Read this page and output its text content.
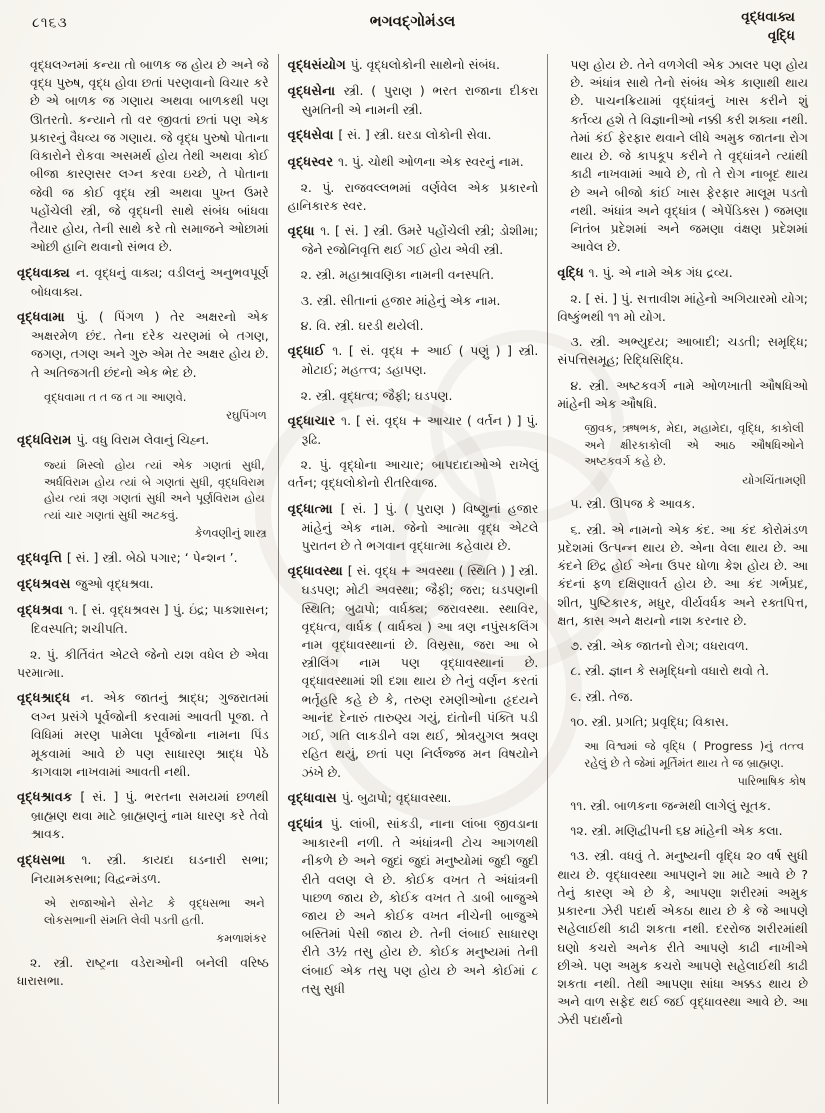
૮૧૬૩	ભગવદ્ગોમંડલ	વૃદ્ધવાક્ય
વૃદ્ધિ

વૃદ્ધલગ્નમાં કન્યા તો બાળક જ હોય છે અને જે વૃદ્ધ પુરુષ, વૃદ્ધ હોવા છતાં પરણવાનો વિચાર કરે છે એ બાળક જ ગણાય અથવા બાળકથી પણ ઊતરતો. કન્યાને તો વર જીવતાં છતાં પણ એક પ્રકારનું વૈધવ્ય જ ગણાય. જે વૃદ્ધ પુરુષો પોતાના વિકારોને રોકવા અસમર્થ હોય તેથી અથવા કોઈ બીજા કારણસર લગ્ન કરવા ઇચ્છે, તે પોતાના જેવી જ કોઈ વૃદ્ધ સ્ત્રી અથવા પુખ્ત ઉમરે પહોંચેલી સ્ત્રી, જે વૃદ્ધની સાથે સંબંધ બાંધવા તૈયાર હોય, તેની સાથે કરે તો સમાજને ઓછામાં ઓછી હાનિ થવાનો સંભવ છે.

વૃદ્ધવાક્ય ન. વૃદ્ધનું વાક્ય; વડીલનું અનુભવપૂર્ણ બોધવાક્ય.

વૃદ્ધવામા પું. ( પિંગળ ) તેર અક્ષરનો એક અક્ષરમેળ છંદ. તેના દરેક ચરણમાં બે તગણ, જગણ, તગણ અને ગુરુ એમ તેર અક્ષર હોય છે. તે અતિજગતી છંદનો એક ભેદ છે.

વૃદ્ધવામા ત ત જ ત ગા આણવે.

રઘુપિંગળ

વૃદ્ધવિરામ પું. વધુ વિરામ લેવાનું ચિહ્ન.

જ્યાં મિસ્લો હોય ત્યાં એક ગણતાં સુધી, અર્ધવિરામ હોય ત્યાં બે ગણતાં સુધી, વૃદ્ધવિરામ હોય ત્યાં ત્રણ ગણતાં સુધી અને પૂર્ણવિરામ હોય ત્યાં ચાર ગણતાં સુધી અટકવું.

કેળવણીનું શાસ્ત્ર

વૃદ્ધવૃત્તિ [ સં. ] સ્ત્રી. બેઠો પગાર; ‘ પેન્શન ’.

વૃદ્ધશ્રવસ જુઓ વૃદ્ધશ્રવા.

વૃદ્ધશ્રવા ૧. [ સં. વૃદ્ધશ્રવસ ] પું. ઇંદ્ર; પાકશાસન; દિવસ્પતિ; શચીપતિ.

૨. પું. કીર્તિવંત એટલે જેનો યશ વધેલ છે એવા પરમાત્મા.

વૃદ્ધશ્રાદ્ધ ન. એક જાતનું શ્રાદ્ધ; ગુજરાતમાં લગ્ન પ્રસંગે પૂર્વજોની કરવામાં આવતી પૂજા. તે વિધિમાં મરણ પામેલા પૂર્વજોના નામના પિંડ મૂકવામાં આવે છે પણ સાધારણ શ્રાદ્ધ પેઠે કાગવાશ નાખવામાં આવતી નથી.

વૃદ્ધશ્રાવક [ સં. ] પું. ભરતના સમયમાં છળથી બ્રાહ્મણ થવા માટે બ્રાહ્મણનું નામ ધારણ કરે તેવો શ્રાવક.

વૃદ્ધસભા ૧. સ્ત્રી. કાયદા ઘડનારી સભા; નિયામકસભા; વિદ્વન્મંડળ.

એ રાજાઓને સેનેટ કે વૃદ્ધસભા અને લોકસભાની સંમતિ લેવી પડતી હતી.

કમળાશંકર

૨. સ્ત્રી. રાષ્ટ્રના વડેરાઓની બનેલી વરિષ્ઠ ધારાસભા.

વૃદ્ધસંયોગ પું. વૃદ્ધલોકોની સાથેનો સંબંધ.

વૃદ્ધસેના સ્ત્રી. ( પુરાણ ) ભરત રાજાના દીકરા સુમતિની એ નામની સ્ત્રી.

વૃદ્ધસેવા [ સં. ] સ્ત્રી. ઘરડા લોકોની સેવા.

વૃદ્ધસ્વર ૧. પું. ચોથી ઓળના એક સ્વરનું નામ.

૨. પું. રાજવલ્લભમાં વર્ણવેલ એક પ્રકારનો હાનિકારક સ્વર.

વૃદ્ધા ૧. [ સં. ] સ્ત્રી. ઉમરે પહોંચેલી સ્ત્રી; ડોશીમા; જેને રજોનિવૃત્તિ થઈ ગઈ હોય એવી સ્ત્રી.

૨. સ્ત્રી. મહાશ્રાવણિકા નામની વનસ્પતિ.

૩. સ્ત્રી. સીતાનાં હજાર માંહેનું એક નામ.

૪. વિ. સ્ત્રી. ઘરડી થયેલી.

વૃદ્ધાઈ ૧. [ સં. વૃદ્ધ + આઈ ( પણું ) ] સ્ત્રી. મોટાઈ; મહત્ત્વ; ડહાપણ.

૨. સ્ત્રી. વૃદ્ધત્વ; જૈફી; ઘડપણ.

વૃદ્ધાચાર ૧. [ સં. વૃદ્ધ + આચાર ( વર્તન ) ] પું. રૂઢિ.

૨. પું. વૃદ્ધોના આચાર; બાપદાદાઓએ રાખેલું વર્તન; વૃદ્ધલોકોનો રીતરિવાજ.

વૃદ્ધાત્મા [ સં. ] પું. ( પુરાણ ) વિષ્ણુનાં હજાર માંહેનું એક નામ. જેનો આત્મા વૃદ્ધ એટલે પુરાતન છે તે ભગવાન વૃદ્ધાત્મા કહેવાય છે.

વૃદ્ધાવસ્થા [ સં. વૃદ્ધ + અવસ્થા ( સ્થિતિ ) ] સ્ત્રી. ઘડપણ; મોટી અવસ્થા; જૈફી; જરા; ઘડપણની સ્થિતિ; બુઢાપો; વાર્ધક્ય; જરાવસ્થા. સ્થાવિર, વૃદ્ધત્વ, વાર્ધક ( વાર્ધક્ય ) આ ત્રણ નપુંસકલિંગ નામ વૃદ્ધાવસ્થાનાં છે. વિસ્રસા, જરા આ બે સ્ત્રીલિંગ નામ પણ વૃદ્ધાવસ્થાનાં છે. વૃદ્ધાવસ્થામાં શી દશા થાય છે તેનું વર્ણન કરતાં ભર્તૃહરિ કહે છે કે, તરુણ રમણીઓના હૃદયને આનંદ દેનારું તારુણ્ય ગયું, દાંતોની પંક્તિ પડી ગઈ, ગતિ લાકડીને વશ થઈ, શ્રોત્રયુગલ શ્રવણ રહિત થયું, છતાં પણ નિર્લજ્જ મન વિષયોને ઝંખે છે.

વૃદ્ધાવાસ પું. બુઢાપો; વૃદ્ધાવસ્થા.

વૃદ્ધાંત્ર પું. લાંબી, સાંકડી, નાના લાંબા જીવડાના આકારની નળી. તે અંધાંત્રની ટોચ આગળથી નીકળે છે અને જુદાં જુદાં મનુષ્યોમાં જુદી જુદી રીતે વલણ લે છે. કોઈક વખત તે અંધાંત્રની પાછળ જાય છે, કોઈક વખત તે ડાબી બાજુએ જાય છે અને કોઈક વખત નીચેની બાજુએ બસ્તિમાં પેસી જાય છે. તેની લંબાઈ સાધારણ રીતે ૩½ તસુ હોય છે. કોઈક મનુષ્યમાં તેની લંબાઈ એક તસુ પણ હોય છે અને કોઈમાં ૮ તસુ સુધી

પણ હોય છે. તેને વળગેલી એક ઝાલર પણ હોય છે. અંધાંત્ર સાથે તેનો સંબંધ એક કાણાથી થાય છે. પાચનક્રિયામાં વૃદ્ધાંત્રનું ખાસ કરીને શું કર્તવ્ય હશે તે વિજ્ઞાનીઓ નક્કી કરી શક્યા નથી. તેમાં કંઈ ફેરફાર થવાને લીધે અમુક જાતના રોગ થાય છે. જે કાપકૂપ કરીને તે વૃદ્ધાંત્રને ત્યાંથી કાઢી નાખવામાં આવે છે, તો તે રોગ નાબૂદ થાય છે અને બીજો કાંઈ ખાસ ફેરફાર માલૂમ પડતો નથી. અંધાંત્ર અને વૃદ્ધાંત્ર ( એપેંડિક્સ ) જમણા નિતંબ પ્રદેશમાં અને જમણા વંક્ષણ પ્રદેશમાં આવેલ છે.

વૃદ્ધિ ૧. પું. એ નામે એક ગંધ દ્રવ્ય.

૨. [ સં. ] પું. સત્તાવીશ માંહેનો અગિયારમો યોગ; વિષ્કુંભથી ૧૧ મો યોગ.

૩. સ્ત્રી. અભ્યુદય; આબાદી; ચડતી; સમૃદ્ધિ; સંપત્તિસમૂહ; રિદ્ધિસિદ્ધિ.

૪. સ્ત્રી. અષ્ટકવર્ગ નામે ઓળખાતી ઔષધિઓ માંહેની એક ઔષધિ.

જીવક, ઋષભક, મેદા, મહામેદા, વૃદ્ધિ, કાકોલી અને ક્ષીરકાકોલી એ આઠ ઔષધિઓને અષ્ટકવર્ગ કહે છે.

યોગચિંતામણી

૫. સ્ત્રી. ઊપજ કે આવક.

૬. સ્ત્રી. એ નામનો એક કંદ. આ કંદ કોરોમંડળ પ્રદેશમાં ઉત્પન્ન થાય છે. એના વેલા થાય છે. આ કંદને છિદ્ર હોઈ એના ઉપર ધોળા કેશ હોય છે. આ કંદનાં ફળ દક્ષિણાવર્ત હોય છે. આ કંદ ગર્ભપ્રદ, શીત, પુષ્ટિકારક, મધુર, વીર્યવર્ધક અને રક્તપિત્ત, ક્ષત, કાસ અને ક્ષયનો નાશ કરનાર છે.

૭. સ્ત્રી. એક જાતનો રોગ; વધરાવળ.

૮. સ્ત્રી. જ્ઞાન કે સમૃદ્ધિનો વધારો થવો તે.

૯. સ્ત્રી. તેજ.

૧૦. સ્ત્રી. પ્રગતિ; પ્રવૃદ્ધિ; વિકાસ.

આ વિશ્વમાં જે વૃદ્ધિ ( Progress )નું તત્ત્વ રહેલું છે તે જેમાં મૂર્તિમંત થાય તે જ બ્રાહ્મણ.

પારિભાષિક કોષ

૧૧. સ્ત્રી. બાળકના જન્મથી લાગેલું સૂતક.

૧૨. સ્ત્રી. મણિદ્વીપની ૬૪ માંહેની એક કલા.

૧૩. સ્ત્રી. વધવું તે. મનુષ્યની વૃદ્ધિ ૨૦ વર્ષ સુધી થાય છે. વૃદ્ધાવસ્થા આપણને શા માટે આવે છે ? તેનું કારણ એ છે કે, આપણા શરીરમાં અમુક પ્રકારના ઝેરી પદાર્થ એકઠા થાય છે કે જે આપણે સહેલાઈથી કાઢી શકતા નથી. દરરોજ શરીરમાંથી ઘણો કચરો અનેક રીતે આપણે કાઢી નાખીએ છીએ. પણ અમુક કચરો આપણે સહેલાઈથી કાઢી શકતા નથી. તેથી આપણા સાંધા અક્કડ થાય છે અને વાળ સફેદ થઈ જઈ વૃદ્ધાવસ્થા આવે છે. આ ઝેરી પદાર્થનો
